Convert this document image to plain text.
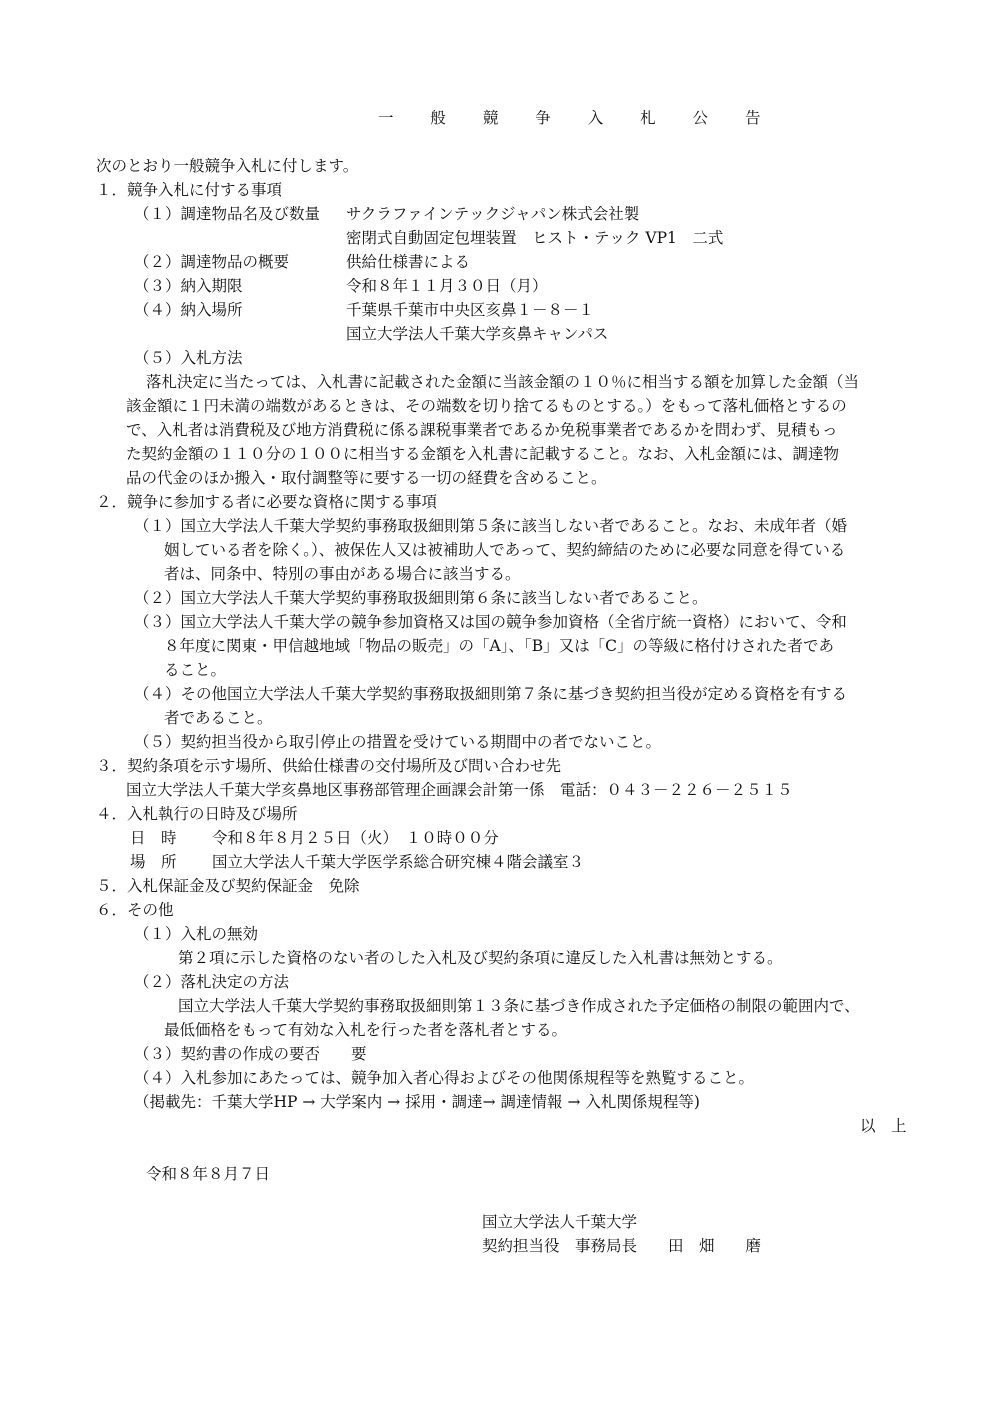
一 般 競 争 入 札 公 告
次のとおり一般競争入札に付します。
１．競争入札に付する事項
（１）調達物品名及び数量 サクラファインテックジャパン株式会社製
密閉式自動固定包埋装置　ヒスト・テック VP1　二式
（２）調達物品の概要	供給仕様書による
（３）納入期限	令和８年１１月３０日（月）
（４）納入場所	千葉県千葉市中央区亥鼻１－８－１
国立大学法人千葉大学亥鼻キャンパス
（５）入札方法
落札決定に当たっては、入札書に記載された金額に当該金額の１０％に相当する額を加算した金額（当
該金額に１円未満の端数があるときは、その端数を切り捨てるものとする。）をもって落札価格とするの
で、入札者は消費税及び地方消費税に係る課税事業者であるか免税事業者であるかを問わず、見積もっ
た契約金額の１１０分の１００に相当する金額を入札書に記載すること。なお、入札金額には、調達物
品の代金のほか搬入・取付調整等に要する一切の経費を含めること。
２．競争に参加する者に必要な資格に関する事項
（１）国立大学法人千葉大学契約事務取扱細則第５条に該当しない者であること。なお、未成年者（婚
姻している者を除く。）、被保佐人又は被補助人であって、契約締結のために必要な同意を得ている
者は、同条中、特別の事由がある場合に該当する。
（２）国立大学法人千葉大学契約事務取扱細則第６条に該当しない者であること。
（３）国立大学法人千葉大学の競争参加資格又は国の競争参加資格（全省庁統一資格）において、令和
８年度に関東・甲信越地域「物品の販売」の「A」、「B」又は「C」の等級に格付けされた者であ
ること。
（４）その他国立大学法人千葉大学契約事務取扱細則第７条に基づき契約担当役が定める資格を有する
者であること。
（５）契約担当役から取引停止の措置を受けている期間中の者でないこと。
３．契約条項を示す場所、供給仕様書の交付場所及び問い合わせ先
国立大学法人千葉大学亥鼻地区事務部管理企画課会計第一係　電話：０４３－２２６－２５１５
４．入札執行の日時及び場所
日　時 令和８年８月２５日（火）　１０時００分
場　所 国立大学法人千葉大学医学系総合研究棟４階会議室３
５．入札保証金及び契約保証金　免除
６．その他
（１）入札の無効
第２項に示した資格のない者のした入札及び契約条項に違反した入札書は無効とする。
（２）落札決定の方法
国立大学法人千葉大学契約事務取扱細則第１３条に基づき作成された予定価格の制限の範囲内で、
最低価格をもって有効な入札を行った者を落札者とする。
（３）契約書の作成の要否　　要
（４）入札参加にあたっては、競争加入者心得およびその他関係規程等を熟覧すること。
（掲載先：千葉大学HP → 大学案内 → 採用・調達→ 調達情報 → 入札関係規程等)
以　上
令和８年８月７日
国立大学法人千葉大学
契約担当役　事務局長　　田　畑　　磨
